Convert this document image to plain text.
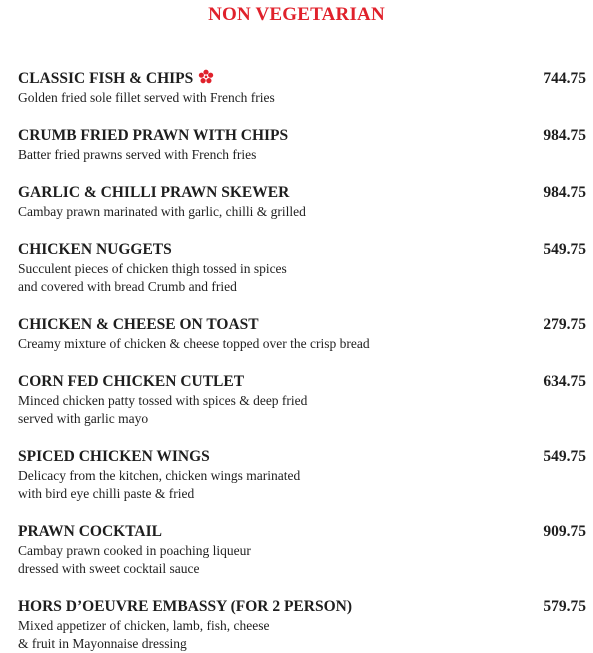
NON VEGETARIAN
CLASSIC FISH & CHIPS	744.75
Golden fried sole fillet served with French fries
CRUMB FRIED PRAWN WITH CHIPS	984.75
Batter fried prawns served with French fries
GARLIC & CHILLI PRAWN SKEWER	984.75
Cambay prawn marinated with garlic, chilli & grilled
CHICKEN NUGGETS	549.75
Succulent pieces of chicken thigh tossed in spices
and covered with bread Crumb and fried
CHICKEN & CHEESE ON TOAST	279.75
Creamy mixture of chicken & cheese topped over the crisp bread
CORN FED CHICKEN CUTLET	634.75
Minced chicken patty tossed with spices & deep fried
served with garlic mayo
SPICED CHICKEN WINGS	549.75
Delicacy from the kitchen, chicken wings marinated
with bird eye chilli paste & fried
PRAWN COCKTAIL	909.75
Cambay prawn cooked in poaching liqueur
dressed with sweet cocktail sauce
HORS D’OEUVRE EMBASSY (FOR 2 PERSON)	579.75
Mixed appetizer of chicken, lamb, fish, cheese
& fruit in Mayonnaise dressing
